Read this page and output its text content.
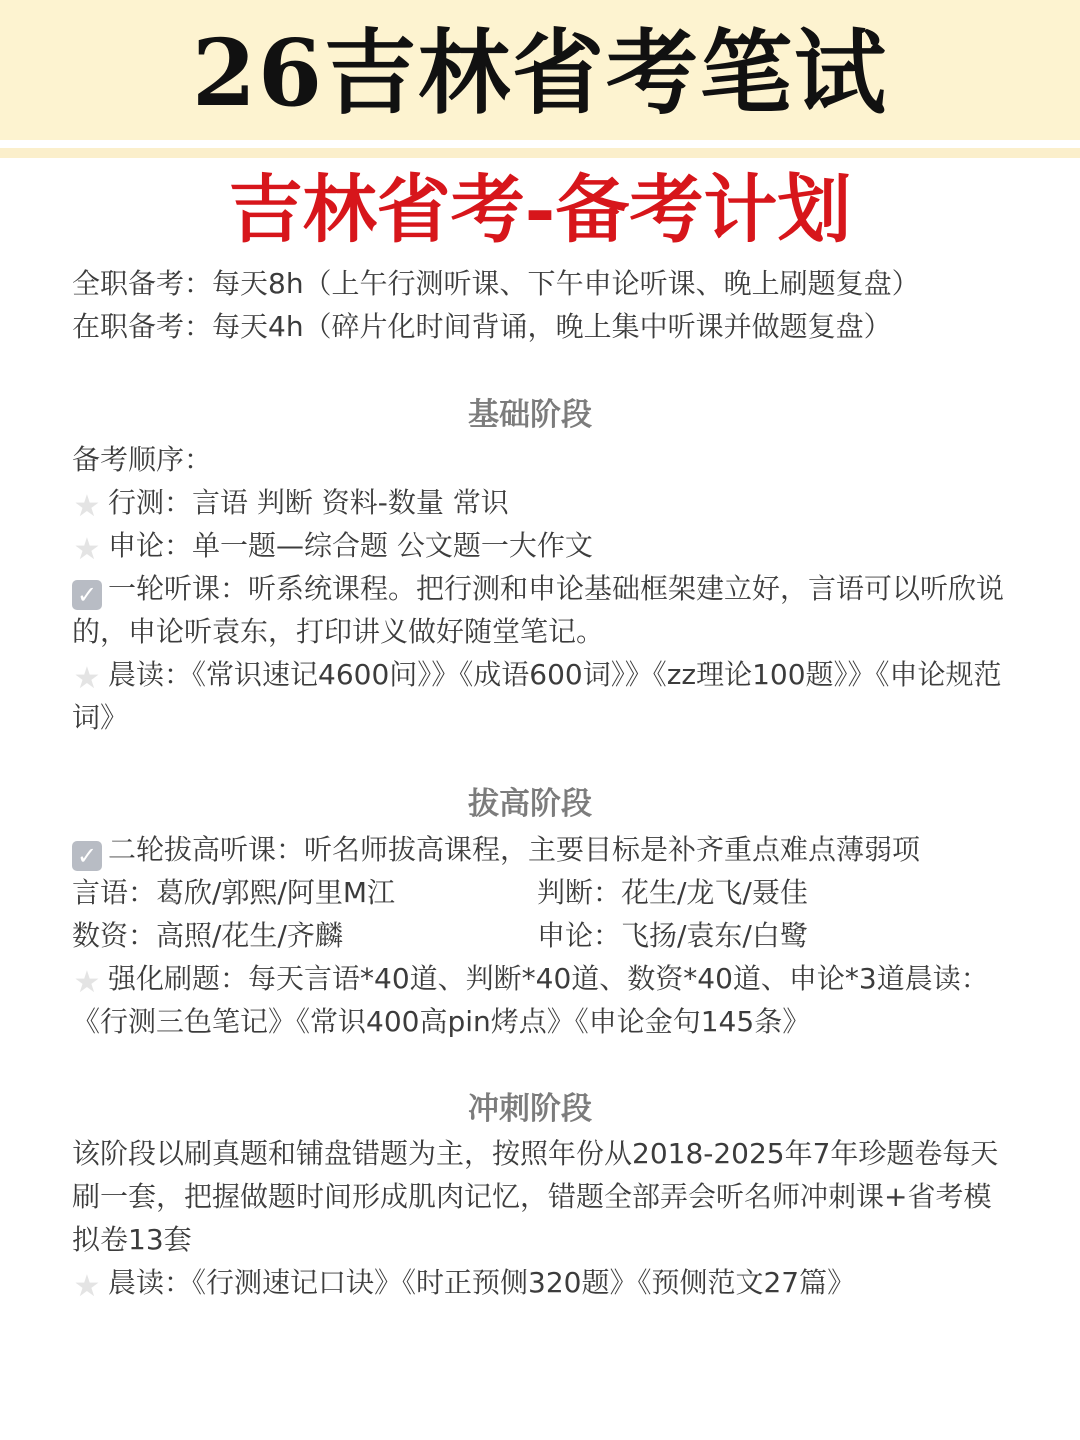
26吉林省考笔试
吉林省考-备考计划
全职备考：每天8h（上午行测听课、下午申论听课、晚上刷题复盘）
在职备考：每天4h（碎片化时间背诵，晚上集中听课并做题复盘）
基础阶段
备考顺序：
★ 行测：言语 判断 资料-数量 常识
★ 申论：单一题—综合题 公文题一大作文
✓ 一轮听课：听系统课程。把行测和申论基础框架建立好，言语可以听欣说的，申论听袁东，打印讲义做好随堂笔记。
★ 晨读：《常识速记4600问》》《成语600词》》《zz理论100题》》《申论规范词》
拔高阶段
✓ 二轮拔高听课：听名师拔高课程，主要目标是补齐重点难点薄弱项
言语：葛欣/郭熙/阿里M江	判断：花生/龙飞/聂佳
数资：高照/花生/齐麟	申论：飞扬/袁东/白鹭
★ 强化刷题：每天言语*40道、判断*40道、数资*40道、申论*3道晨读：《行测三色笔记》《常识400高pin烤点》《申论金句145条》
冲刺阶段
该阶段以刷真题和铺盘错题为主，按照年份从2018-2025年7年珍题卷每天刷一套，把握做题时间形成肌肉记忆，错题全部弄会听名师冲刺课+省考模拟卷13套
★ 晨读：《行测速记口诀》《时正预侧320题》《预侧范文27篇》
